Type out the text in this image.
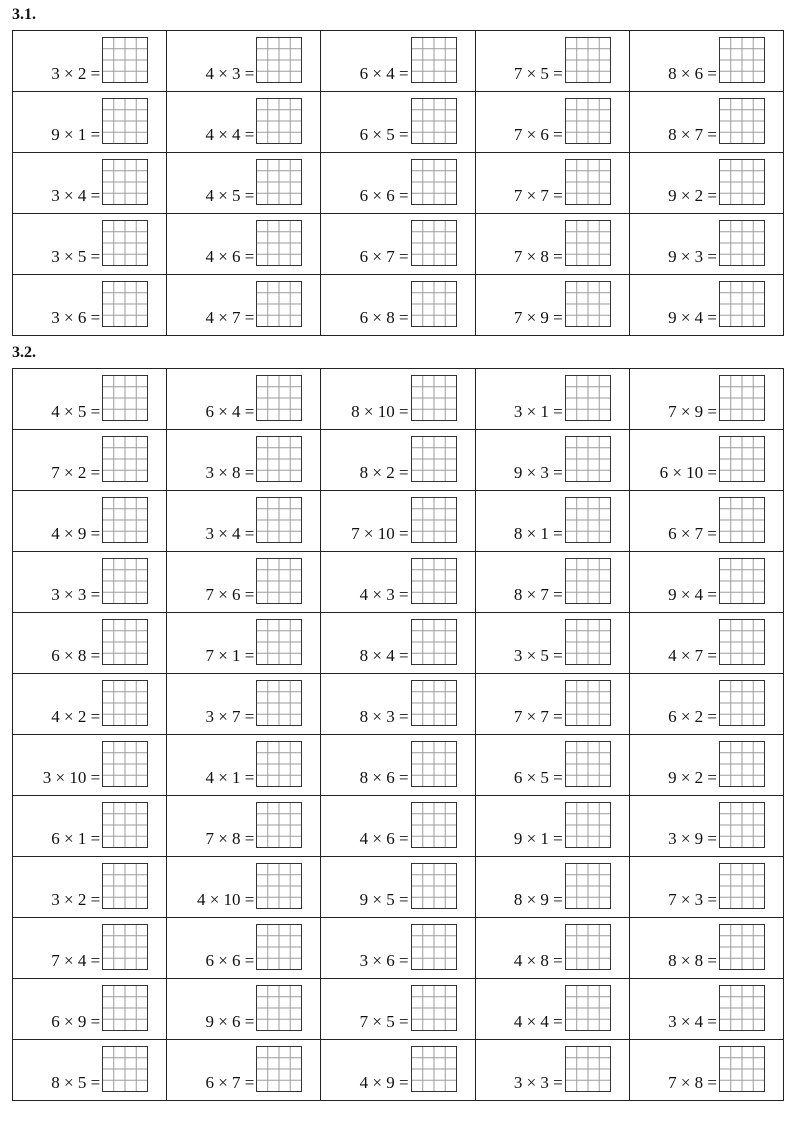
3.1.
3 × 2 =	4 × 3 =	6 × 4 =	7 × 5 =	8 × 6 =

9 × 1 =	4 × 4 =	6 × 5 =	7 × 6 =	8 × 7 =

3 × 4 =	4 × 5 =	6 × 6 =	7 × 7 =	9 × 2 =

3 × 5 =	4 × 6 =	6 × 7 =	7 × 8 =	9 × 3 =

3 × 6 =	4 × 7 =	6 × 8 =	7 × 9 =	9 × 4 =
3.2.
4 × 5 =	6 × 4 =	8 × 10 =	3 × 1 =	7 × 9 =

7 × 2 =	3 × 8 =	8 × 2 =	9 × 3 =	6 × 10 =

4 × 9 =	3 × 4 =	7 × 10 =	8 × 1 =	6 × 7 =

3 × 3 =	7 × 6 =	4 × 3 =	8 × 7 =	9 × 4 =

6 × 8 =	7 × 1 =	8 × 4 =	3 × 5 =	4 × 7 =

4 × 2 =	3 × 7 =	8 × 3 =	7 × 7 =	6 × 2 =

3 × 10 =	4 × 1 =	8 × 6 =	6 × 5 =	9 × 2 =

6 × 1 =	7 × 8 =	4 × 6 =	9 × 1 =	3 × 9 =

3 × 2 =	4 × 10 =	9 × 5 =	8 × 9 =	7 × 3 =

7 × 4 =	6 × 6 =	3 × 6 =	4 × 8 =	8 × 8 =

6 × 9 =	9 × 6 =	7 × 5 =	4 × 4 =	3 × 4 =

8 × 5 =	6 × 7 =	4 × 9 =	3 × 3 =	7 × 8 =
